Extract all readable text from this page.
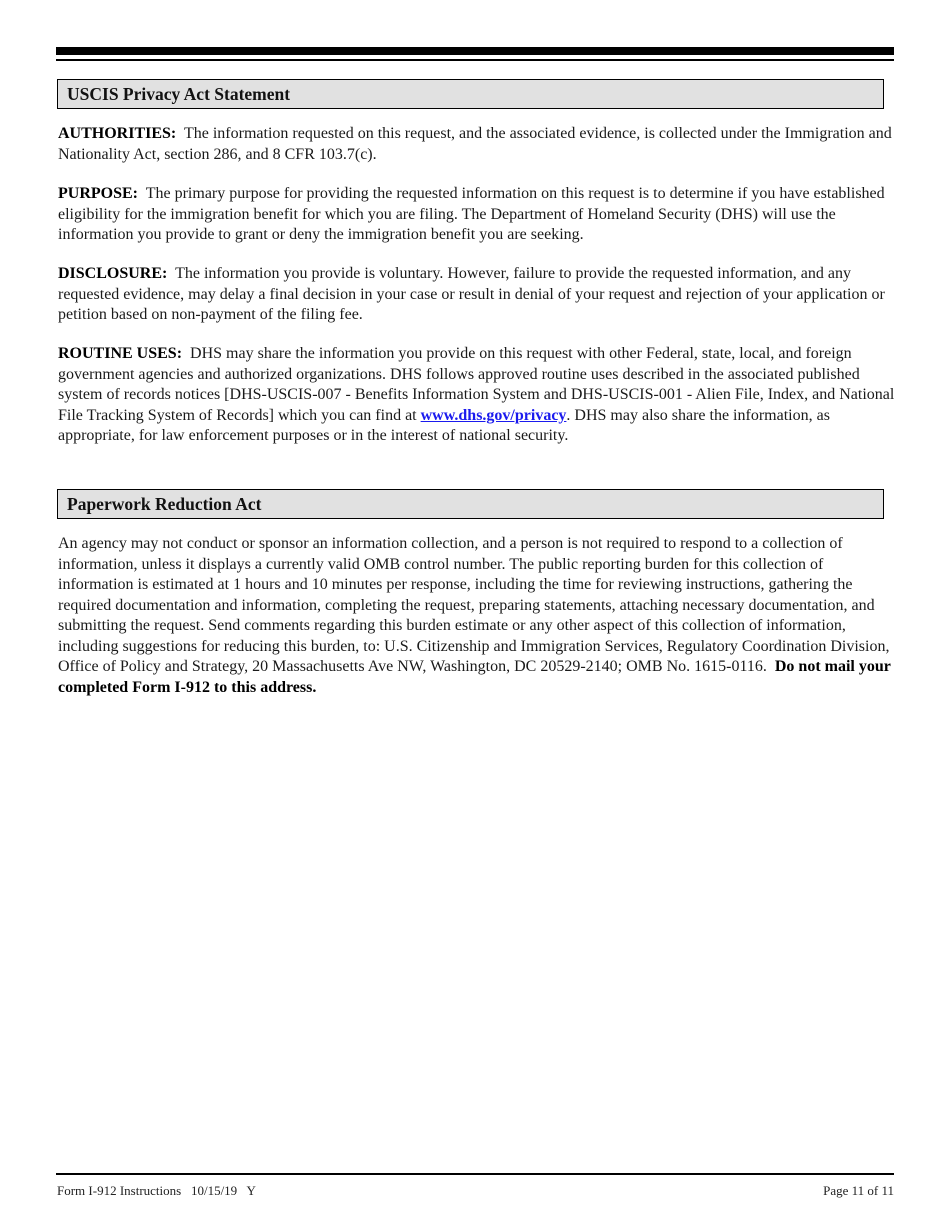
USCIS Privacy Act Statement

AUTHORITIES: The information requested on this request, and the associated evidence, is collected under the Immigration and Nationality Act, section 286, and 8 CFR 103.7(c).

PURPOSE: The primary purpose for providing the requested information on this request is to determine if you have established eligibility for the immigration benefit for which you are filing. The Department of Homeland Security (DHS) will use the information you provide to grant or deny the immigration benefit you are seeking.

DISCLOSURE: The information you provide is voluntary. However, failure to provide the requested information, and any requested evidence, may delay a final decision in your case or result in denial of your request and rejection of your application or petition based on non-payment of the filing fee.

ROUTINE USES: DHS may share the information you provide on this request with other Federal, state, local, and foreign government agencies and authorized organizations. DHS follows approved routine uses described in the associated published system of records notices [DHS-USCIS-007 - Benefits Information System and DHS-USCIS-001 - Alien File, Index, and National File Tracking System of Records] which you can find at www.dhs.gov/privacy. DHS may also share the information, as appropriate, for law enforcement purposes or in the interest of national security.

Paperwork Reduction Act

An agency may not conduct or sponsor an information collection, and a person is not required to respond to a collection of information, unless it displays a currently valid OMB control number. The public reporting burden for this collection of information is estimated at 1 hours and 10 minutes per response, including the time for reviewing instructions, gathering the required documentation and information, completing the request, preparing statements, attaching necessary documentation, and submitting the request. Send comments regarding this burden estimate or any other aspect of this collection of information, including suggestions for reducing this burden, to: U.S. Citizenship and Immigration Services, Regulatory Coordination Division, Office of Policy and Strategy, 20 Massachusetts Ave NW, Washington, DC 20529-2140; OMB No. 1615-0116. Do not mail your completed Form I-912 to this address.

Form I-912 Instructions   10/15/19   Y	Page 11 of 11
